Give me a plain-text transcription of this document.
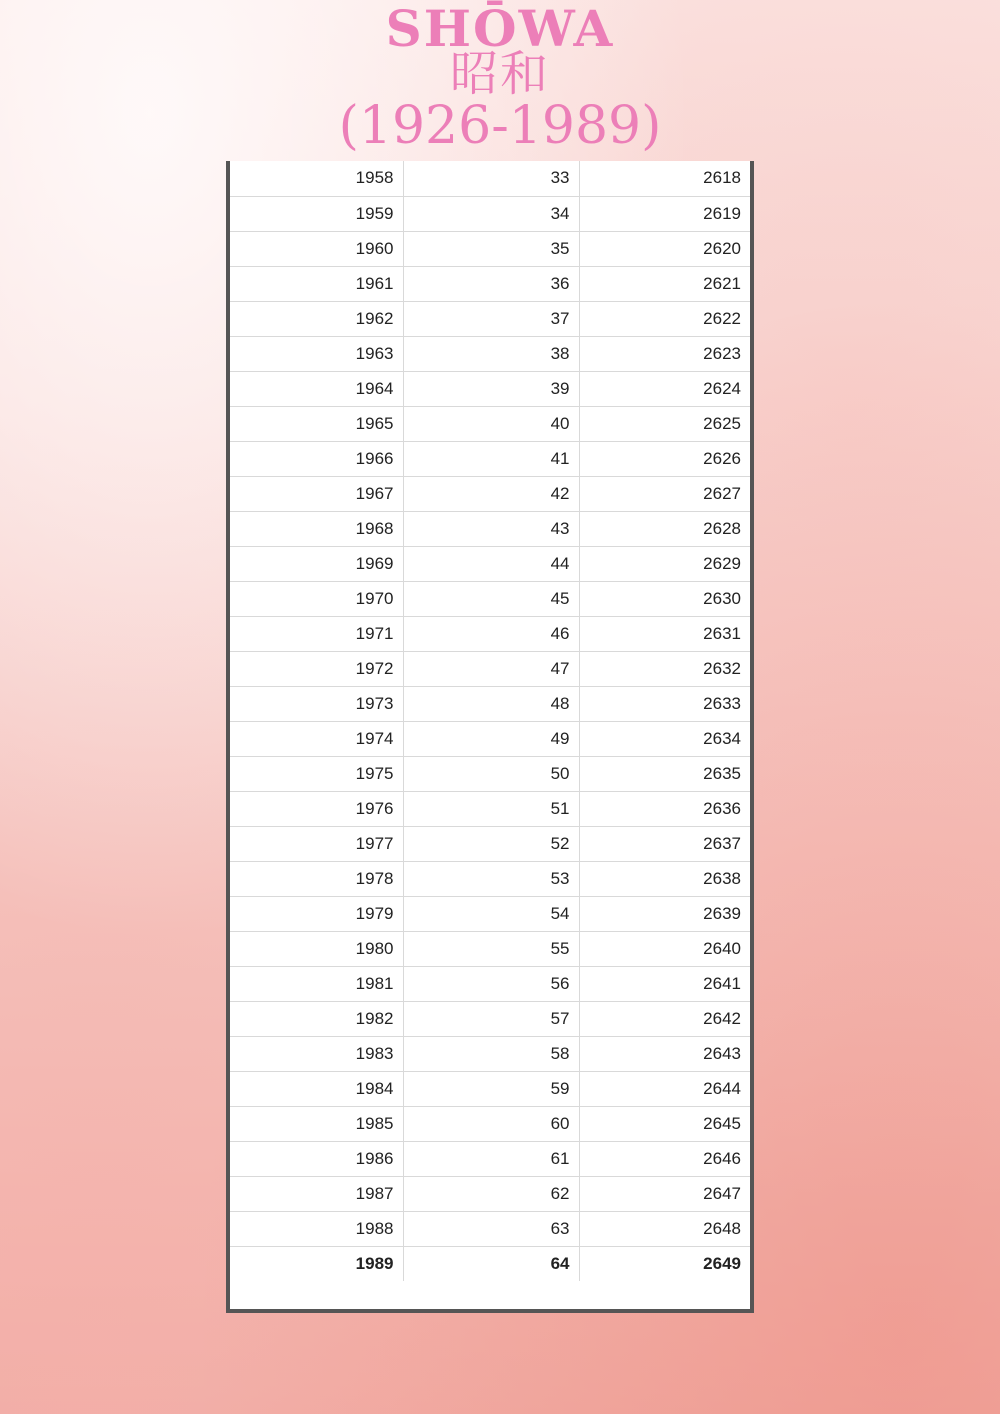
SHŌWA
昭和
(1926-1989)
1958	33	2618
1959	34	2619
1960	35	2620
1961	36	2621
1962	37	2622
1963	38	2623
1964	39	2624
1965	40	2625
1966	41	2626
1967	42	2627
1968	43	2628
1969	44	2629
1970	45	2630
1971	46	2631
1972	47	2632
1973	48	2633
1974	49	2634
1975	50	2635
1976	51	2636
1977	52	2637
1978	53	2638
1979	54	2639
1980	55	2640
1981	56	2641
1982	57	2642
1983	58	2643
1984	59	2644
1985	60	2645
1986	61	2646
1987	62	2647
1988	63	2648
1989	64	2649
